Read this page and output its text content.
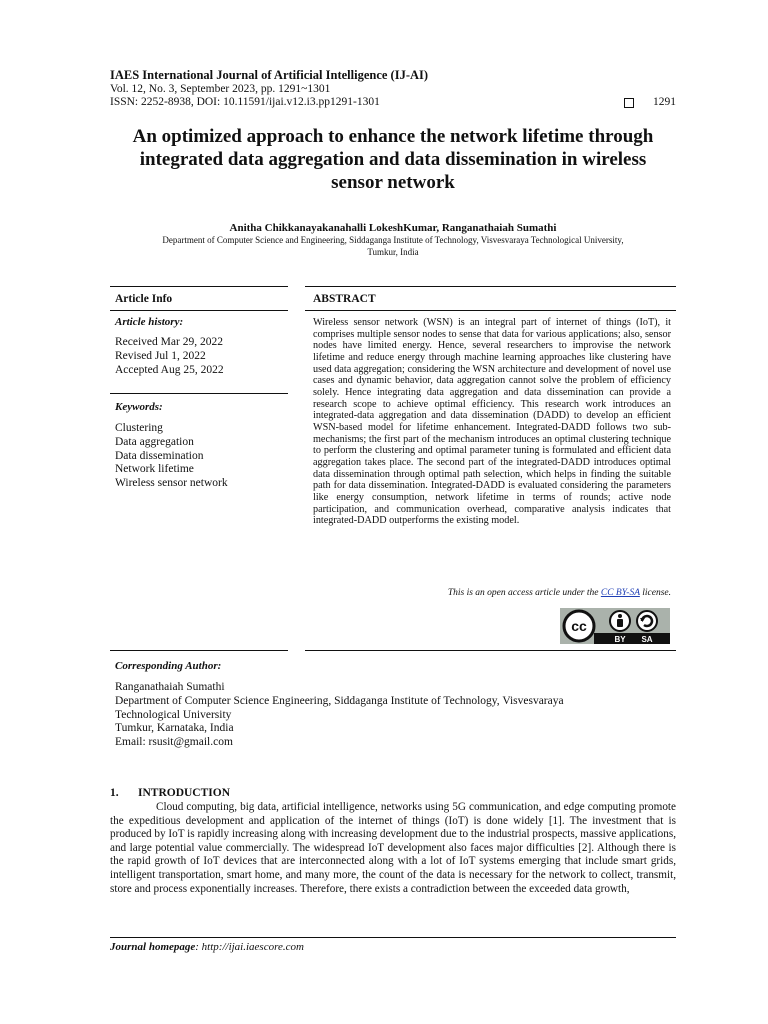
IAES International Journal of Artificial Intelligence (IJ-AI)
Vol. 12, No. 3, September 2023, pp. 1291~1301
ISSN: 2252-8938, DOI: 10.11591/ijai.v12.i3.pp1291-1301	1291
An optimized approach to enhance the network lifetime through
integrated data aggregation and data dissemination in wireless
sensor network
Anitha Chikkanayakanahalli LokeshKumar, Ranganathaiah Sumathi
Department of Computer Science and Engineering, Siddaganga Institute of Technology, Visvesvaraya Technological University,
Tumkur, India
Article Info
Article history:
Received Mar 29, 2022
Revised Jul 1, 2022
Accepted Aug 25, 2022
Keywords:
Clustering
Data aggregation
Data dissemination
Network lifetime
Wireless sensor network
ABSTRACT
Wireless sensor network (WSN) is an integral part of internet of things (IoT), it comprises multiple sensor nodes to sense that data for various applications; also, sensor nodes have limited energy. Hence, several researchers to improvise the network lifetime and reduce energy through machine learning approaches like clustering have used data aggregation; considering the WSN architecture and development of novel use cases and dynamic behavior, data aggregation cannot solve the problem of efficiency solely. Hence integrating data aggregation and data dissemination can provide a research scope to achieve optimal efficiency. This research work introduces an integrated-data aggregation and data dissemination (DADD) to develop an efficient WSN-based model for lifetime enhancement. Integrated-DADD follows two sub-mechanisms; the first part of the mechanism introduces an optimal clustering technique to perform the clustering and optimal parameter tuning is formulated and efficient data aggregation takes place. The second part of the integrated-DADD introduces optimal data dissemination through optimal path selection, which helps in finding the suitable path for data dissemination. Integrated-DADD is evaluated considering the parameters like energy consumption, network lifetime in terms of rounds; active node participation, and communication overhead, comparative analysis indicates that integrated-DADD outperforms the existing model.
This is an open access article under the CC BY-SA license.
cc
BY SA
Corresponding Author:
Ranganathaiah Sumathi
Department of Computer Science Engineering, Siddaganga Institute of Technology, Visvesvaraya
Technological University
Tumkur, Karnataka, India
Email: rsusit@gmail.com
1. INTRODUCTION
Cloud computing, big data, artificial intelligence, networks using 5G communication, and edge computing promote the expeditious development and application of the internet of things (IoT) is done widely [1]. The investment that is produced by IoT is rapidly increasing along with increasing development due to the industrial prospects, massive applications, and large potential value commercially. The widespread IoT development also faces major difficulties [2]. Although there is the rapid growth of IoT devices that are interconnected along with a lot of IoT systems emerging that include smart grids, intelligent transportation, smart home, and many more, the count of the data is necessary for the network to collect, transmit, store and process exponentially increases. Therefore, there exists a contradiction between the exceeded data growth,
Journal homepage: http://ijai.iaescore.com
